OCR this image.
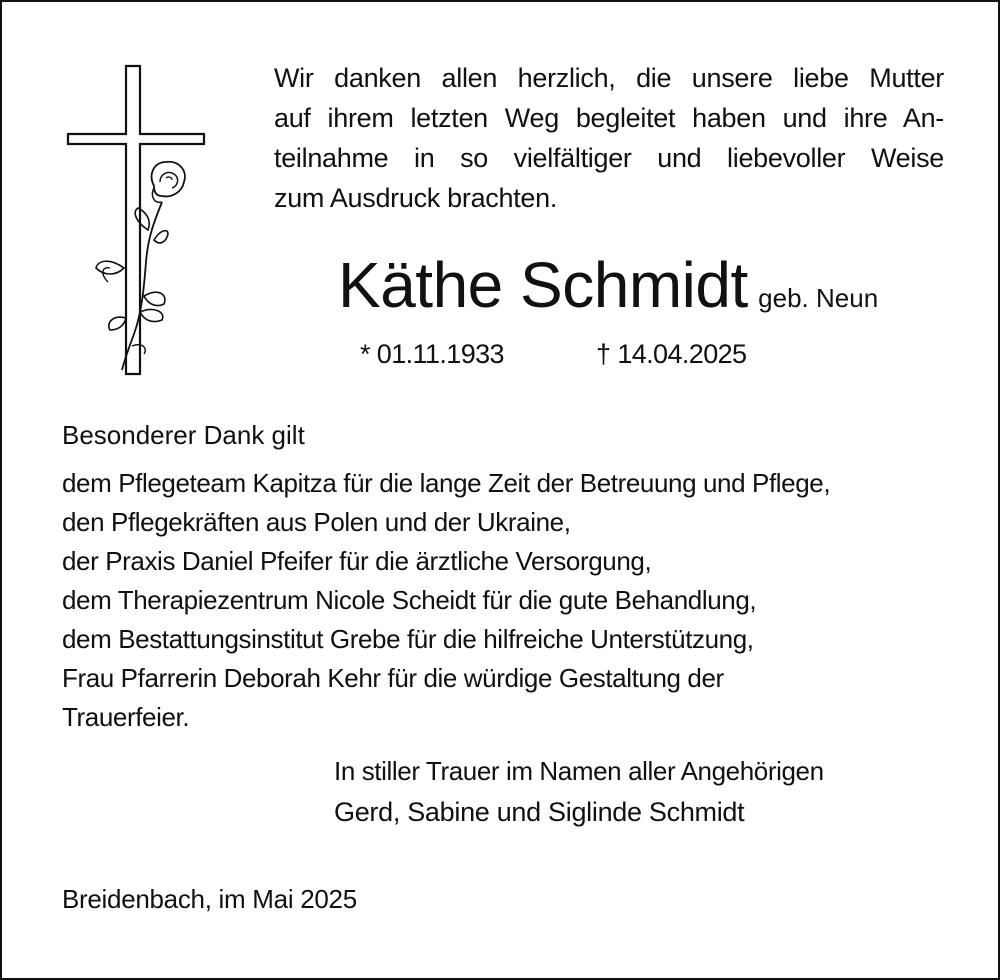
Wir danken allen herzlich, die unsere liebe Mutter
auf ihrem letzten Weg begleitet haben und ihre An-
teilnahme in so vielfältiger und liebevoller Weise
zum Ausdruck brachten.
Käthe Schmidt geb. Neun
* 01.11.1933	† 14.04.2025
Besonderer Dank gilt
dem Pflegeteam Kapitza für die lange Zeit der Betreuung und Pflege,
den Pflegekräften aus Polen und der Ukraine,
der Praxis Daniel Pfeifer für die ärztliche Versorgung,
dem Therapiezentrum Nicole Scheidt für die gute Behandlung,
dem Bestattungsinstitut Grebe für die hilfreiche Unterstützung,
Frau Pfarrerin Deborah Kehr für die würdige Gestaltung der
Trauerfeier.
In stiller Trauer im Namen aller Angehörigen
Gerd, Sabine und Siglinde Schmidt
Breidenbach, im Mai 2025
